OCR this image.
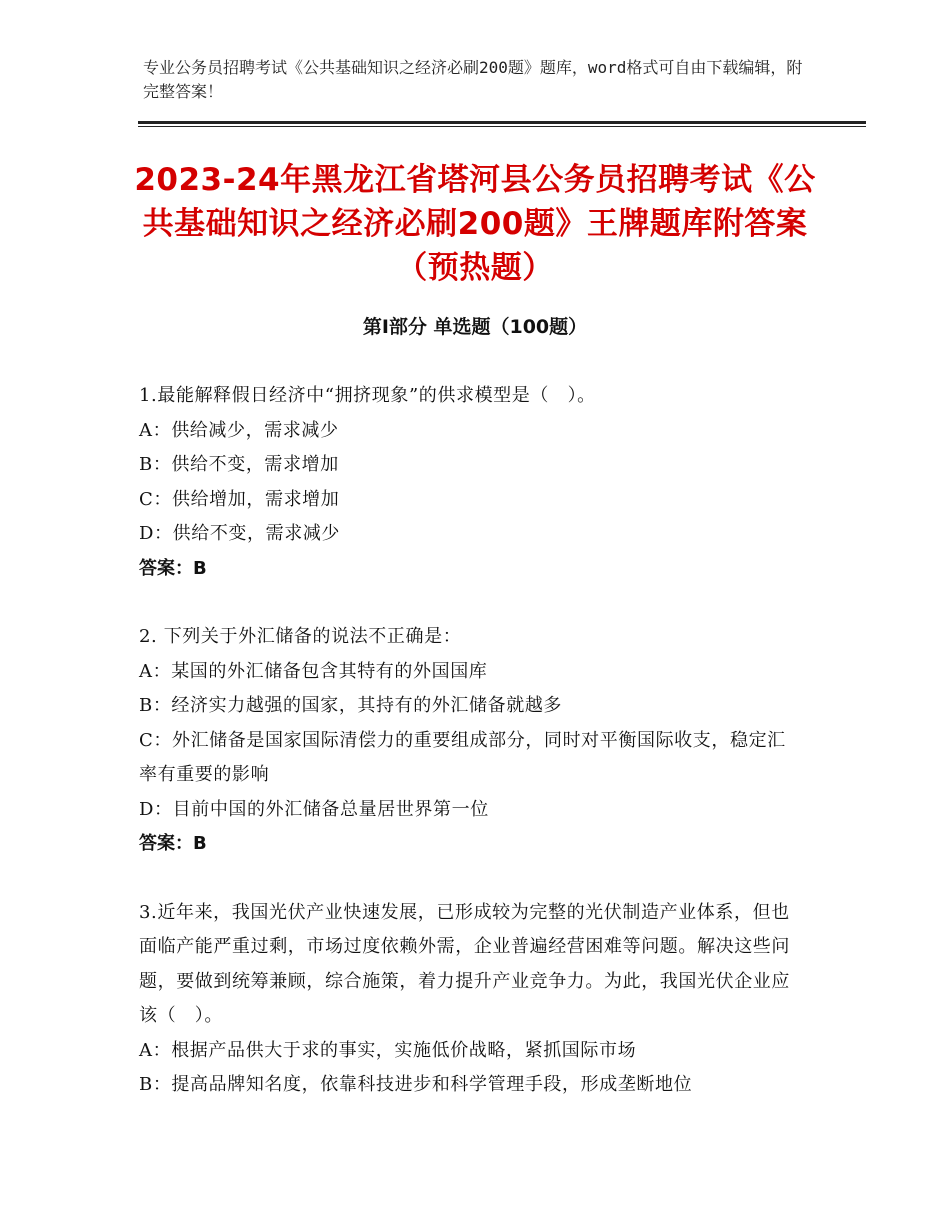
专业公务员招聘考试《公共基础知识之经济必刷200题》题库，word格式可自由下载编辑，附完整答案！
2023-24年黑龙江省塔河县公务员招聘考试《公共基础知识之经济必刷200题》王牌题库附答案（预热题）
第Ⅰ部分 单选题（100题）
1.最能解释假日经济中“拥挤现象”的供求模型是（　）。
A：供给减少，需求减少
B：供给不变，需求增加
C：供给增加，需求增加
D：供给不变，需求减少
答案：B
2. 下列关于外汇储备的说法不正确是：
A：某国的外汇储备包含其特有的外国国库
B：经济实力越强的国家，其持有的外汇储备就越多
C：外汇储备是国家国际清偿力的重要组成部分，同时对平衡国际收支，稳定汇率有重要的影响
D：目前中国的外汇储备总量居世界第一位
答案：B
3.近年来，我国光伏产业快速发展，已形成较为完整的光伏制造产业体系，但也面临产能严重过剩，市场过度依赖外需，企业普遍经营困难等问题。解决这些问题，要做到统筹兼顾，综合施策，着力提升产业竞争力。为此，我国光伏企业应该（　）。
A：根据产品供大于求的事实，实施低价战略，紧抓国际市场
B：提高品牌知名度，依靠科技进步和科学管理手段，形成垄断地位
